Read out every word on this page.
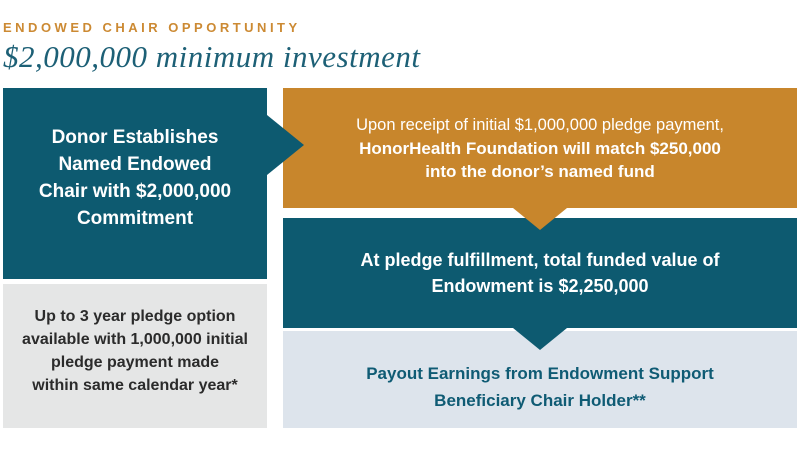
ENDOWED CHAIR OPPORTUNITY
$2,000,000 minimum investment
Donor Establishes
Named Endowed
Chair with $2,000,000
Commitment
Upon receipt of initial $1,000,000 pledge payment,
HonorHealth Foundation will match $250,000
into the donor’s named fund
At pledge fulfillment, total funded value of
Endowment is $2,250,000
Up to 3 year pledge option
available with 1,000,000 initial
pledge payment made
within same calendar year*
Payout Earnings from Endowment Support
Beneficiary Chair Holder**
